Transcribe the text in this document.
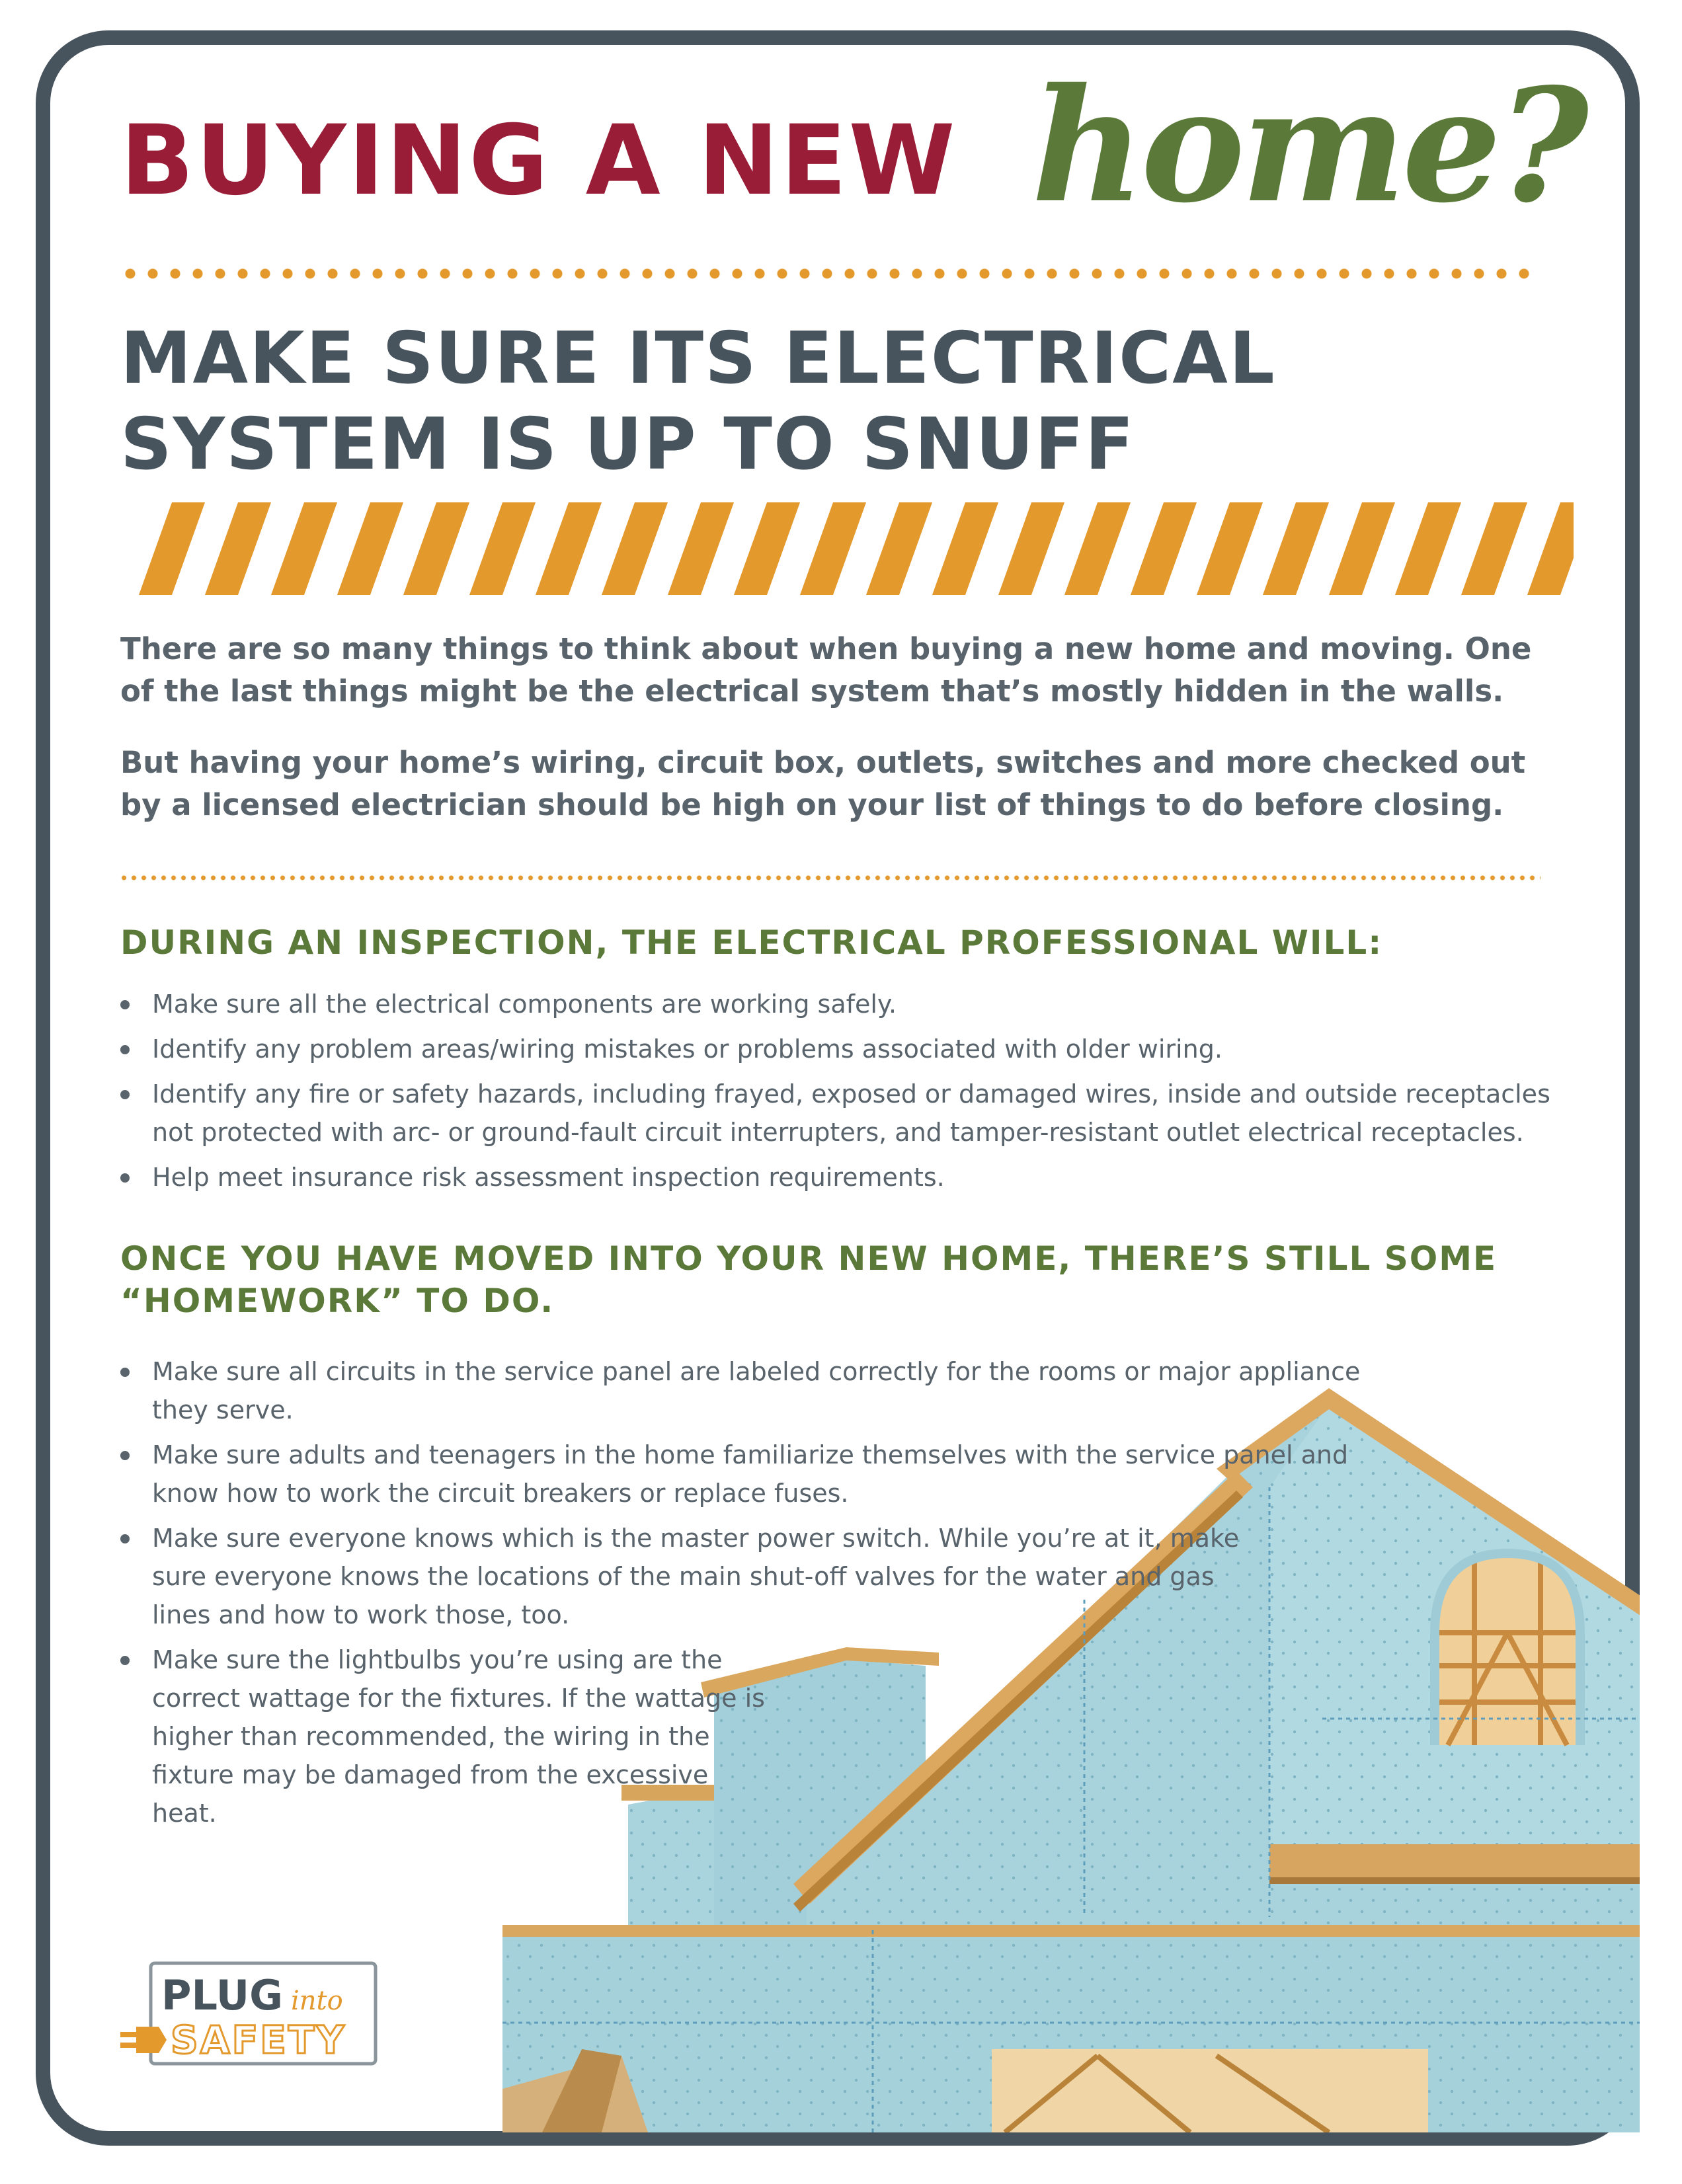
BUYING A NEW home?
MAKE SURE ITS ELECTRICAL SYSTEM IS UP TO SNUFF

There are so many things to think about when buying a new home and moving. One of the last things might be the electrical system that’s mostly hidden in the walls.

But having your home’s wiring, circuit box, outlets, switches and more checked out by a licensed electrician should be high on your list of things to do before closing.

DURING AN INSPECTION, THE ELECTRICAL PROFESSIONAL WILL:
Make sure all the electrical components are working safely.
Identify any problem areas/wiring mistakes or problems associated with older wiring.
Identify any fire or safety hazards, including frayed, exposed or damaged wires, inside and outside receptacles not protected with arc- or ground-fault circuit interrupters, and tamper-resistant outlet electrical receptacles.
Help meet insurance risk assessment inspection requirements.
ONCE YOU HAVE MOVED INTO YOUR NEW HOME, THERE’S STILL SOME “HOMEWORK” TO DO.
Make sure all circuits in the service panel are labeled correctly for the rooms or major appliance they serve.
Make sure adults and teenagers in the home familiarize themselves with the service panel and know how to work the circuit breakers or replace fuses.
Make sure everyone knows which is the master power switch. While you’re at it, make sure everyone knows the locations of the main shut-off valves for the water and gas lines and how to work those, too.
Make sure the lightbulbs you’re using are the correct wattage for the fixtures. If the wattage is higher than recommended, the wiring in the fixture may be damaged from the excessive heat.
PLUG into
SAFETY
